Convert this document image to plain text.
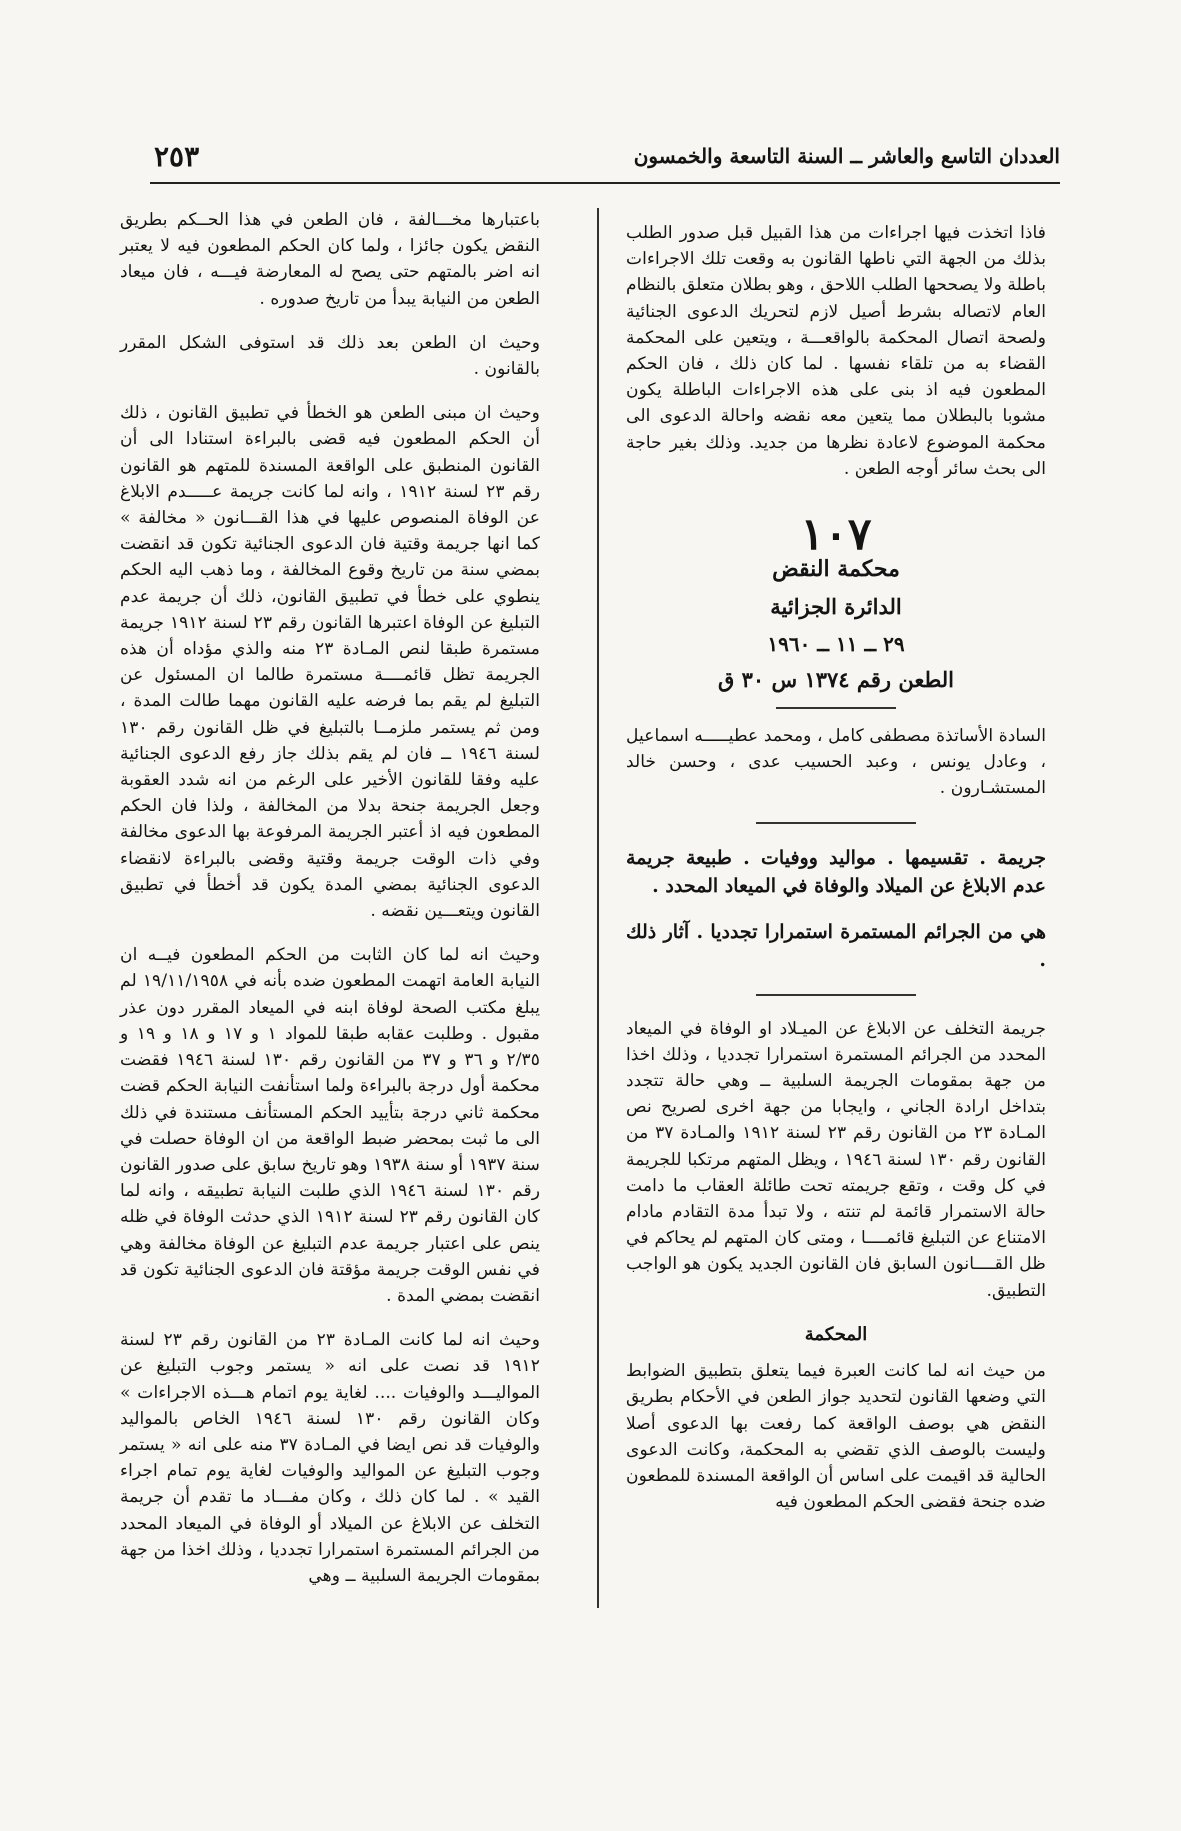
٢٥٣	العددان التاسع والعاشر ــ السنة التاسعة والخمسون

فاذا اتخذت فيها اجراءات من هذا القبيل قبل صدور الطلب بذلك من الجهة التي ناطها القانون به وقعت تلك الاجراءات باطلة ولا يصححها الطلب اللاحق ، وهو بطلان متعلق بالنظام العام لاتصاله بشرط أصيل لازم لتحريك الدعوى الجنائية ولصحة اتصال المحكمة بالواقعـــة ، ويتعين على المحكمة القضاء به من تلقاء نفسها . لما كان ذلك ، فان الحكم المطعون فيه اذ بنى على هذه الاجراءات الباطلة يكون مشوبا بالبطلان مما يتعين معه نقضه واحالة الدعوى الى محكمة الموضوع لاعادة نظرها من جديد. وذلك بغير حاجة الى بحث سائر أوجه الطعن .

١٠٧
محكمة النقض
الدائرة الجزائية
٢٩ ــ ١١ ــ ١٩٦٠
الطعن رقم ١٣٧٤ س ٣٠ ق

السادة الأساتذة مصطفى كامل ، ومحمد عطيـــــه اسماعيل ، وعادل يونس ، وعبد الحسيب عدى ، وحسن خالد المستشـارون .

جريمة . تقسيمها . مواليد ووفيات . طبيعة جريمة عدم الابلاغ عن الميلاد والوفاة في الميعاد المحدد .

هي من الجرائم المستمرة استمرارا تجدديا . آثار ذلك .

جريمة التخلف عن الابلاغ عن الميـلاد او الوفاة في الميعاد المحدد من الجرائم المستمرة استمرارا تجدديا ، وذلك اخذا من جهة بمقومات الجريمة السلبية ــ وهي حالة تتجدد بتداخل ارادة الجاني ، وايجابا من جهة اخرى لصريح نص المـادة ٢٣ من القانون رقم ٢٣ لسنة ١٩١٢ والمـادة ٣٧ من القانون رقم ١٣٠ لسنة ١٩٤٦ ، ويظل المتهم مرتكبا للجريمة في كل وقت ، وتقع جريمته تحت طائلة العقاب ما دامت حالة الاستمرار قائمة لم تنته ، ولا تبدأ مدة التقادم مادام الامتناع عن التبليغ قائمــــا ، ومتى كان المتهم لم يحاكم في ظل القــــانون السابق فان القانون الجديد يكون هو الواجب التطبيق.

المحكمة

من حيث انه لما كانت العبرة فيما يتعلق بتطبيق الضوابط التي وضعها القانون لتحديد جواز الطعن في الأحكام بطريق النقض هي بوصف الواقعة كما رفعت بها الدعوى أصلا وليست بالوصف الذي تقضي به المحكمة، وكانت الدعوى الحالية قد اقيمت على اساس أن الواقعة المسندة للمطعون ضده جنحة فقضى الحكم المطعون فيه

باعتبارها مخـــالفة ، فان الطعن في هذا الحــكم بطريق النقض يكون جائزا ، ولما كان الحكم المطعون فيه لا يعتبر انه اضر بالمتهم حتى يصح له المعارضة فيـــه ، فان ميعاد الطعن من النيابة يبدأ من تاريخ صدوره .

وحيث ان الطعن بعد ذلك قد استوفى الشكل المقرر بالقانون .

وحيث ان مبنى الطعن هو الخطأ في تطبيق القانون ، ذلك أن الحكم المطعون فيه قضى بالبراءة استنادا الى أن القانون المنطبق على الواقعة المسندة للمتهم هو القانون رقم ٢٣ لسنة ١٩١٢ ، وانه لما كانت جريمة عـــــدم الابلاغ عن الوفاة المنصوص عليها في هذا القـــانون « مخالفة » كما انها جريمة وقتية فان الدعوى الجنائية تكون قد انقضت بمضي سنة من تاريخ وقوع المخالفة ، وما ذهب اليه الحكم ينطوي على خطأ في تطبيق القانون، ذلك أن جريمة عدم التبليغ عن الوفاة اعتبرها القانون رقم ٢٣ لسنة ١٩١٢ جريمة مستمرة طبقا لنص المـادة ٢٣ منه والذي مؤداه أن هذه الجريمة تظل قائمــــة مستمرة طالما ان المسئول عن التبليغ لم يقم بما فرضه عليه القانون مهما طالت المدة ، ومن ثم يستمر ملزمــا بالتبليغ في ظل القانون رقم ١٣٠ لسنة ١٩٤٦ ــ فان لم يقم بذلك جاز رفع الدعوى الجنائية عليه وفقا للقانون الأخير على الرغم من انه شدد العقوبة وجعل الجريمة جنحة بدلا من المخالفة ، ولذا فان الحكم المطعون فيه اذ أعتبر الجريمة المرفوعة بها الدعوى مخالفة وفي ذات الوقت جريمة وقتية وقضى بالبراءة لانقضاء الدعوى الجنائية بمضي المدة يكون قد أخطأ في تطبيق القانون ويتعـــين نقضه .

وحيث انه لما كان الثابت من الحكم المطعون فيــه ان النيابة العامة اتهمت المطعون ضده بأنه في ١٩/١١/١٩٥٨ لم يبلغ مكتب الصحة لوفاة ابنه في الميعاد المقرر دون عذر مقبول . وطلبت عقابه طبقا للمواد ١ و ١٧ و ١٨ و ١٩ و ٢/٣٥ و ٣٦ و ٣٧ من القانون رقم ١٣٠ لسنة ١٩٤٦ فقضت محكمة أول درجة بالبراءة ولما استأنفت النيابة الحكم قضت محكمة ثاني درجة بتأييد الحكم المستأنف مستندة في ذلك الى ما ثبت بمحضر ضبط الواقعة من ان الوفاة حصلت في سنة ١٩٣٧ أو سنة ١٩٣٨ وهو تاريخ سابق على صدور القانون رقم ١٣٠ لسنة ١٩٤٦ الذي طلبت النيابة تطبيقه ، وانه لما كان القانون رقم ٢٣ لسنة ١٩١٢ الذي حدثت الوفاة في ظله ينص على اعتبار جريمة عدم التبليغ عن الوفاة مخالفة وهي في نفس الوقت جريمة مؤقتة فان الدعوى الجنائية تكون قد انقضت بمضي المدة .

وحيث انه لما كانت المـادة ٢٣ من القانون رقم ٢٣ لسنة ١٩١٢ قد نصت على انه « يستمر وجوب التبليغ عن المواليـــد والوفيات .... لغاية يوم اتمام هـــذه الاجراءات » وكان القانون رقم ١٣٠ لسنة ١٩٤٦ الخاص بالمواليد والوفيات قد نص ايضا في المـادة ٣٧ منه على انه « يستمر وجوب التبليغ عن المواليد والوفيات لغاية يوم تمام اجراء القيد » . لما كان ذلك ، وكان مفـــاد ما تقدم أن جريمة التخلف عن الابلاغ عن الميلاد أو الوفاة في الميعاد المحدد من الجرائم المستمرة استمرارا تجدديا ، وذلك اخذا من جهة بمقومات الجريمة السلبية ــ وهي
